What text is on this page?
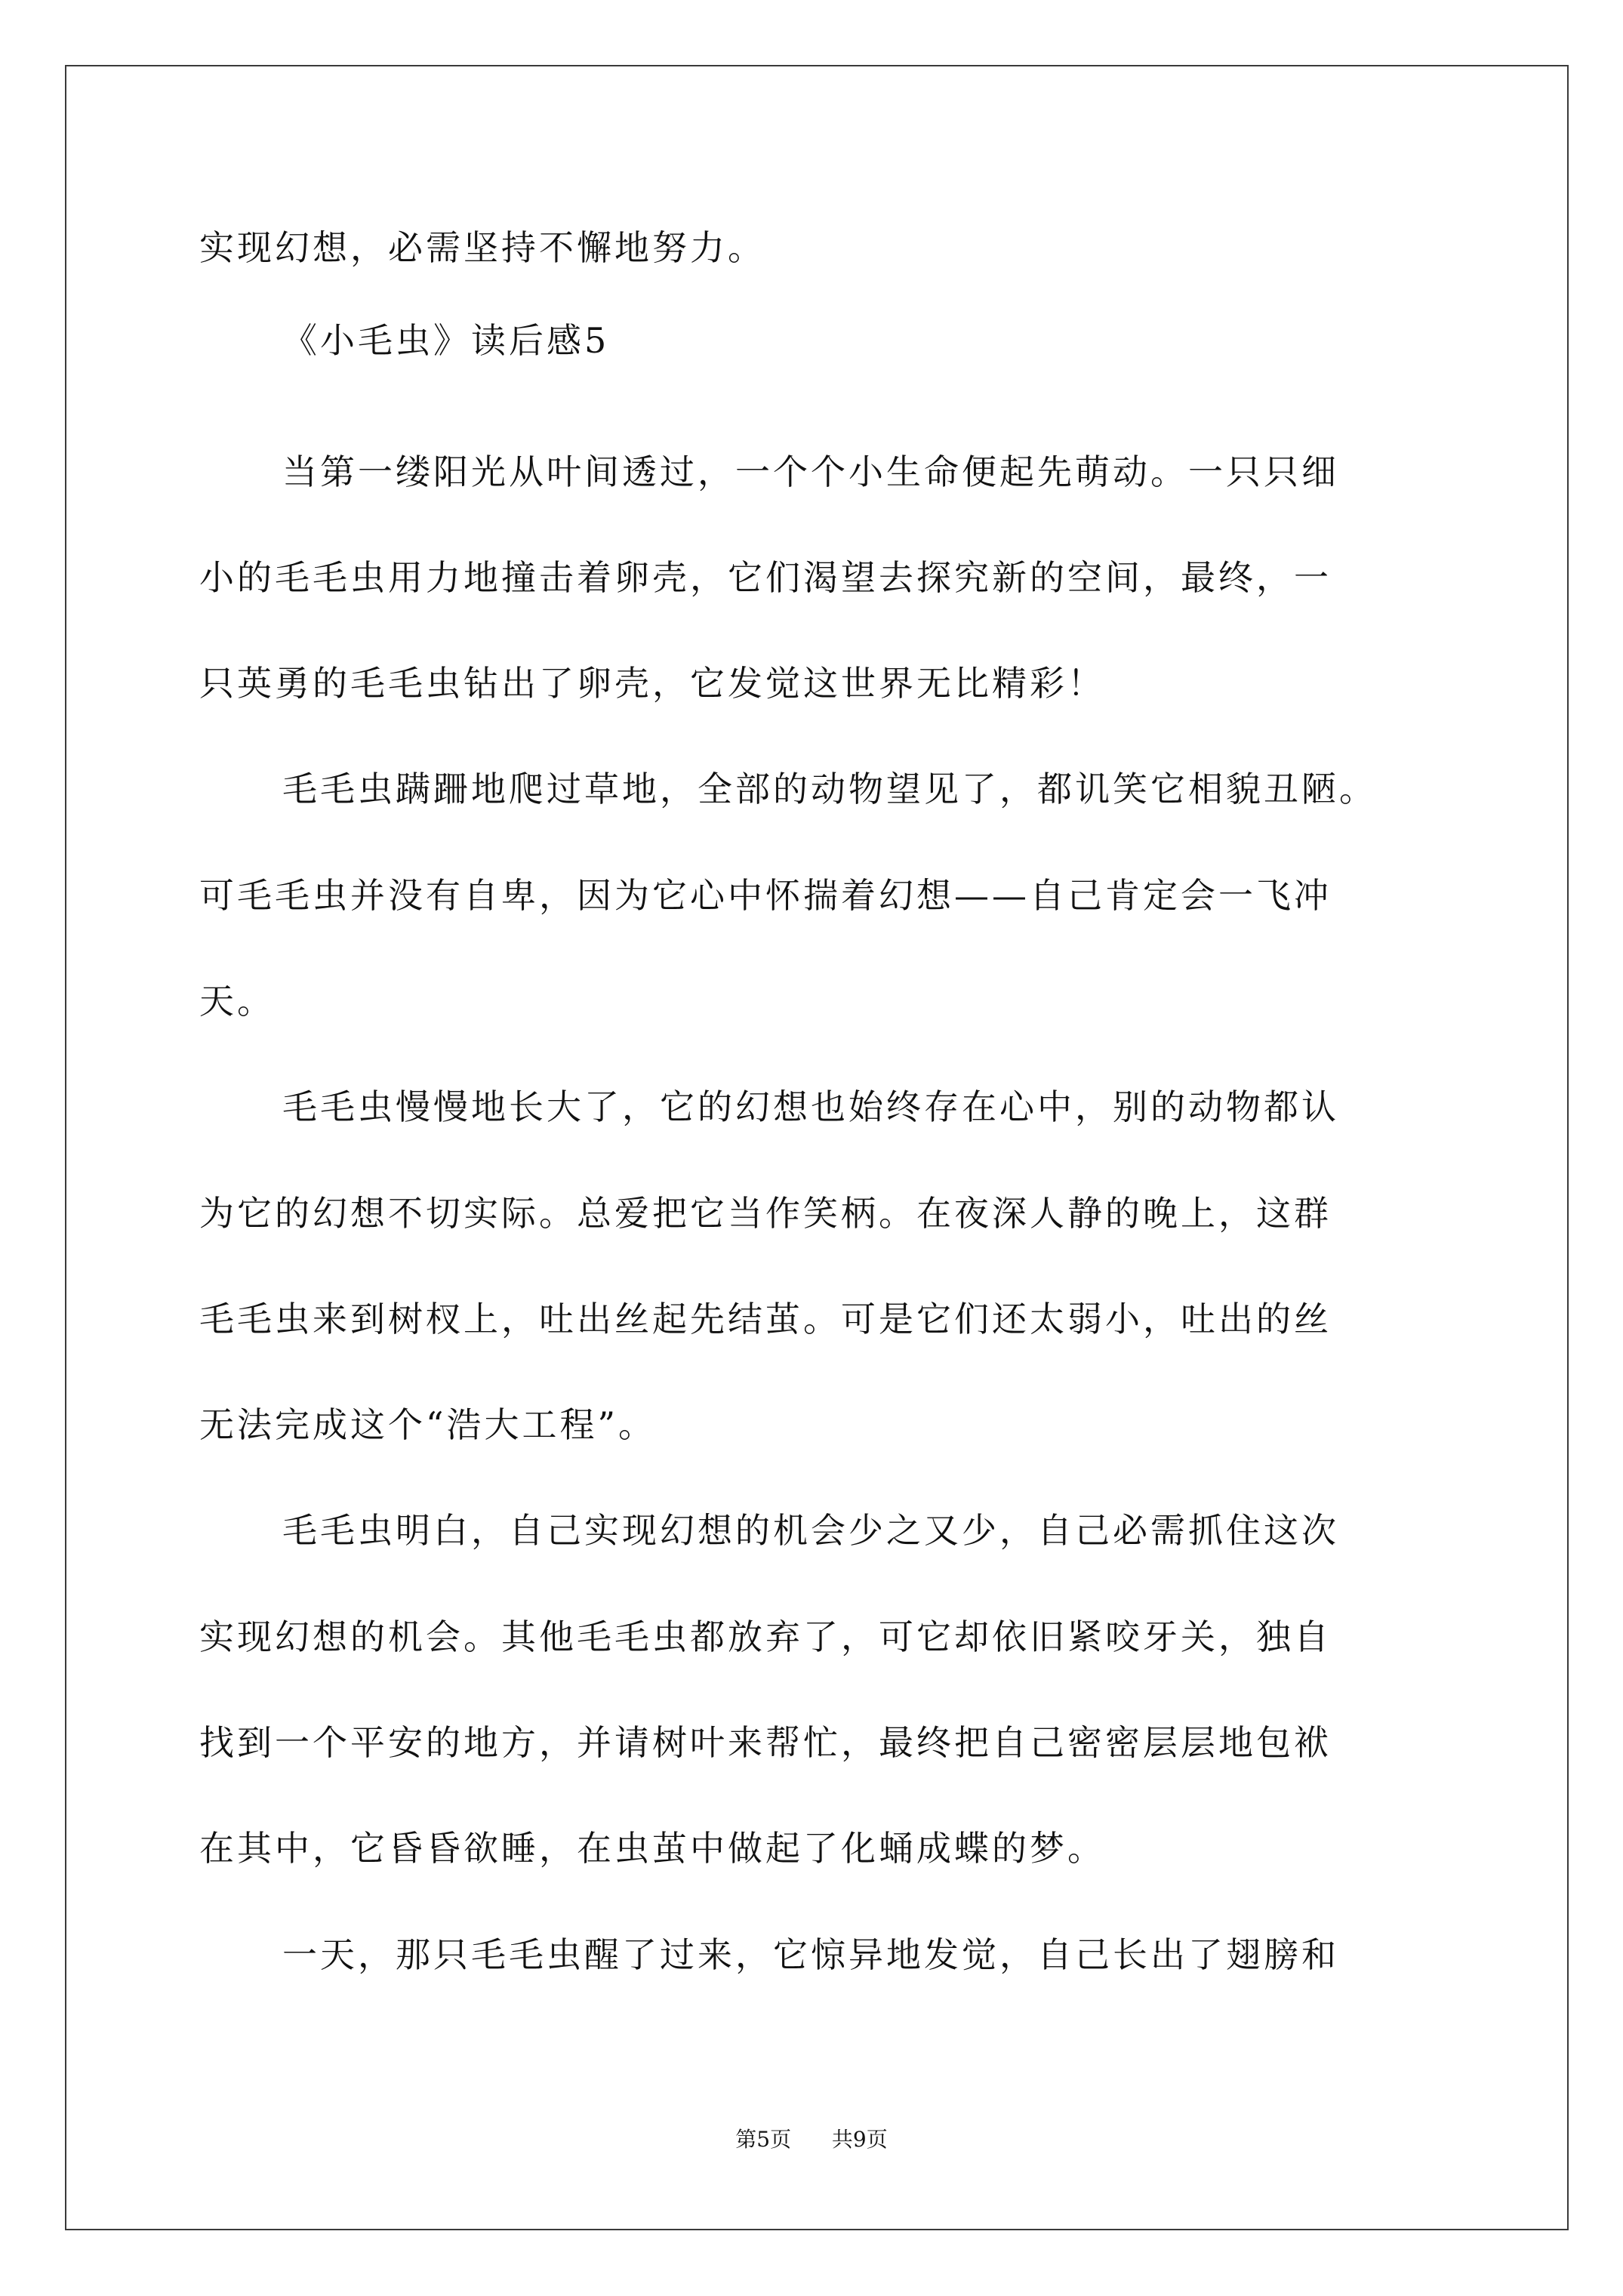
实现幻想，必需坚持不懈地努力。
《小毛虫》读后感5
当第一缕阳光从叶间透过，一个个小生命便起先萌动。一只只细
小的毛毛虫用力地撞击着卵壳，它们渴望去探究新的空间，最终，一
只英勇的毛毛虫钻出了卵壳，它发觉这世界无比精彩！
毛毛虫蹒跚地爬过草地，全部的动物望见了，都讥笑它相貌丑陋。
可毛毛虫并没有自卑，因为它心中怀揣着幻想——自己肯定会一飞冲
天。
毛毛虫慢慢地长大了，它的幻想也始终存在心中，别的动物都认
为它的幻想不切实际。总爱把它当作笑柄。在夜深人静的晚上，这群
毛毛虫来到树杈上，吐出丝起先结茧。可是它们还太弱小，吐出的丝
无法完成这个“浩大工程”。
毛毛虫明白，自己实现幻想的机会少之又少，自己必需抓住这次
实现幻想的机会。其他毛毛虫都放弃了，可它却依旧紧咬牙关，独自
找到一个平安的地方，并请树叶来帮忙，最终把自己密密层层地包袱
在其中，它昏昏欲睡，在虫茧中做起了化蛹成蝶的梦。
一天，那只毛毛虫醒了过来，它惊异地发觉，自己长出了翅膀和
第5页 共9页
